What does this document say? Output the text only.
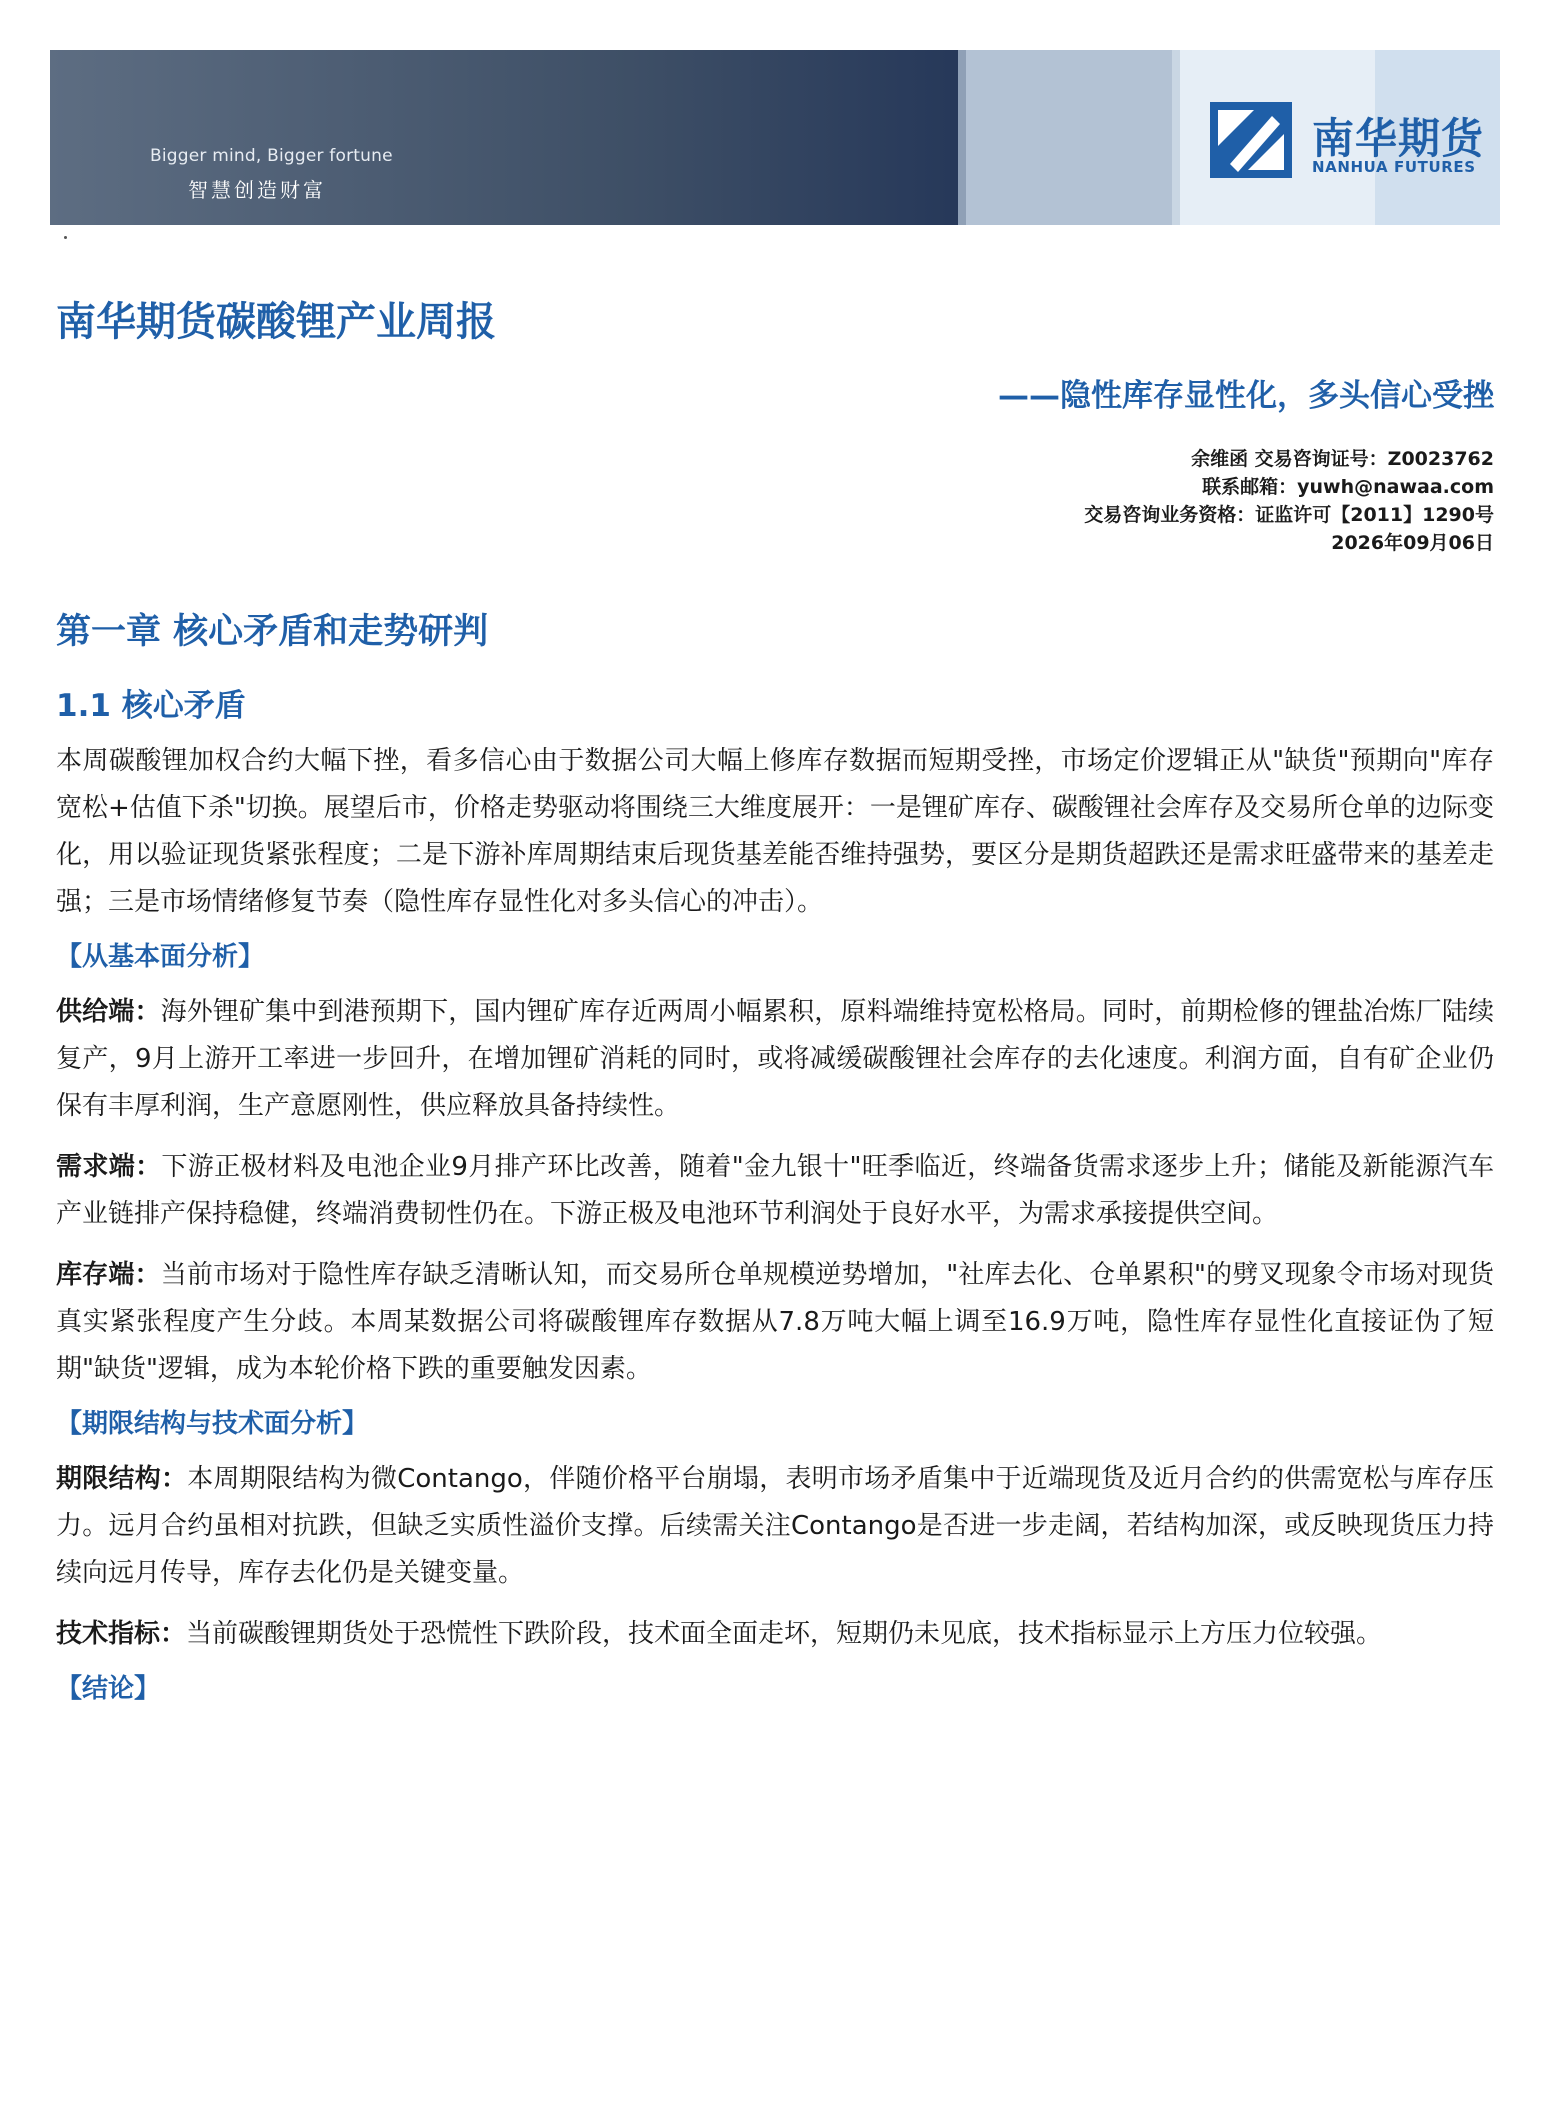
Bigger mind, Bigger fortune
智慧创造财富
南华期货
NANHUA FUTURES
南华期货碳酸锂产业周报
——隐性库存显性化，多头信心受挫
余维函 交易咨询证号：Z0023762
联系邮箱：yuwh@nawaa.com
交易咨询业务资格：证监许可【2011】1290号
2026年09月06日
第一章 核心矛盾和走势研判
1.1 核心矛盾

本周碳酸锂加权合约大幅下挫，看多信心由于数据公司大幅上修库存数据而短期受挫，市场定价逻辑正从"缺货"预期向"库存宽松+估值下杀"切换。展望后市，价格走势驱动将围绕三大维度展开：一是锂矿库存、碳酸锂社会库存及交易所仓单的边际变化，用以验证现货紧张程度；二是下游补库周期结束后现货基差能否维持强势，要区分是期货超跌还是需求旺盛带来的基差走强；三是市场情绪修复节奏（隐性库存显性化对多头信心的冲击）。

【从基本面分析】

供给端：海外锂矿集中到港预期下，国内锂矿库存近两周小幅累积，原料端维持宽松格局。同时，前期检修的锂盐冶炼厂陆续复产，9月上游开工率进一步回升，在增加锂矿消耗的同时，或将减缓碳酸锂社会库存的去化速度。利润方面，自有矿企业仍保有丰厚利润，生产意愿刚性，供应释放具备持续性。

需求端：下游正极材料及电池企业9月排产环比改善，随着"金九银十"旺季临近，终端备货需求逐步上升；储能及新能源汽车产业链排产保持稳健，终端消费韧性仍在。下游正极及电池环节利润处于良好水平，为需求承接提供空间。

库存端：当前市场对于隐性库存缺乏清晰认知，而交易所仓单规模逆势增加，"社库去化、仓单累积"的劈叉现象令市场对现货真实紧张程度产生分歧。本周某数据公司将碳酸锂库存数据从7.8万吨大幅上调至16.9万吨，隐性库存显性化直接证伪了短期"缺货"逻辑，成为本轮价格下跌的重要触发因素。

【期限结构与技术面分析】

期限结构：本周期限结构为微Contango，伴随价格平台崩塌，表明市场矛盾集中于近端现货及近月合约的供需宽松与库存压力。远月合约虽相对抗跌，但缺乏实质性溢价支撑。后续需关注Contango是否进一步走阔，若结构加深，或反映现货压力持续向远月传导，库存去化仍是关键变量。

技术指标：当前碳酸锂期货处于恐慌性下跌阶段，技术面全面走坏，短期仍未见底，技术指标显示上方压力位较强。

【结论】
